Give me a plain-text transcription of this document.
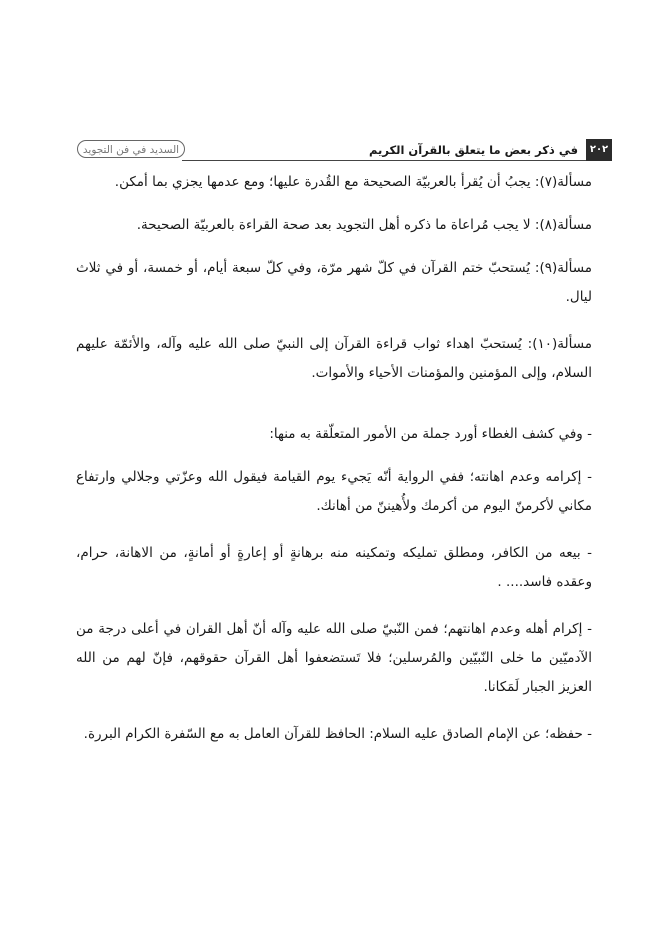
٢٠٢
في ذكر بعض ما يتعلق بالقرآن الكريم
السديد في فن التجويد

مسألة(٧): يجبُ أن يُقرأ بالعربيّة الصحيحة مع القُدرة عليها؛ ومع عدمها يجزي بما أمكن.

مسألة(٨): لا يجب مُراعاة ما ذكره أهل التجويد بعد صحة القراءة بالعربيّة الصحيحة.

مسألة(٩): يُستحبّ ختم القرآن في كلّ شهر مرّة، وفي كلّ سبعة أيام، أو خمسة، أو في ثلاث ليال.

مسألة(١٠): يُستحبّ اهداء ثواب قراءة القرآن إلى النبيّ صلى الله عليه وآله، والأئمّة عليهم السلام، وإلى المؤمنين والمؤمنات الأحياء والأموات.

- وفي كشف الغطاء أورد جملة من الأمور المتعلّقة به منها:

- إكرامه وعدم اهانته؛ ففي الرواية أنّه يَجيء يوم القيامة فيقول الله وعزّتي وجلالي وارتفاع مكاني لأكرمنّ اليوم من أكرمك ولأُهيننّ من أهانك.

- بيعه من الكافر، ومطلق تمليكه وتمكينه منه برهانةٍ أو إعارةٍ أو أمانةٍ، من الاهانة، حرام، وعقده فاسد.... .

- إكرام أهله وعدم اهانتهم؛ فمن النّبيّ صلى الله عليه وآله أنّ أهل القران في أعلى درجة من الآدميّين ما خلى النّبيّين والمُرسلين؛ فلا تَستضعفوا أهل القرآن حقوقهم، فإنّ لهم من الله العزيز الجبار لَمَكانا.

- حفظه؛ عن الإمام الصادق عليه السلام: الحافظ للقرآن العامل به مع السّفرة الكرام البررة.
